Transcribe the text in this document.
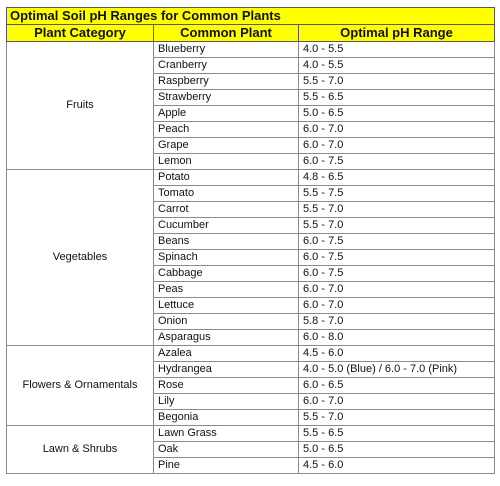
Optimal Soil pH Ranges for Common Plants		
Plant Category	Common Plant	Optimal pH Range
Fruits	Blueberry	4.0 - 5.5
	Cranberry	4.0 - 5.5
	Raspberry	5.5 - 7.0
	Strawberry	5.5 - 6.5
	Apple	5.0 - 6.5
	Peach	6.0 - 7.0
	Grape	6.0 - 7.0
	Lemon	6.0 - 7.5
Vegetables	Potato	4.8 - 6.5
	Tomato	5.5 - 7.5
	Carrot	5.5 - 7.0
	Cucumber	5.5 - 7.0
	Beans	6.0 - 7.5
	Spinach	6.0 - 7.5
	Cabbage	6.0 - 7.5
	Peas	6.0 - 7.0
	Lettuce	6.0 - 7.0
	Onion	5.8 - 7.0
	Asparagus	6.0 - 8.0
Flowers & Ornamentals	Azalea	4.5 - 6.0
	Hydrangea	4.0 - 5.0 (Blue) / 6.0 - 7.0 (Pink)
	Rose	6.0 - 6.5
	Lily	6.0 - 7.0
	Begonia	5.5 - 7.0
Lawn & Shrubs	Lawn Grass	5.5 - 6.5
	Oak	5.0 - 6.5
	Pine	4.5 - 6.0
